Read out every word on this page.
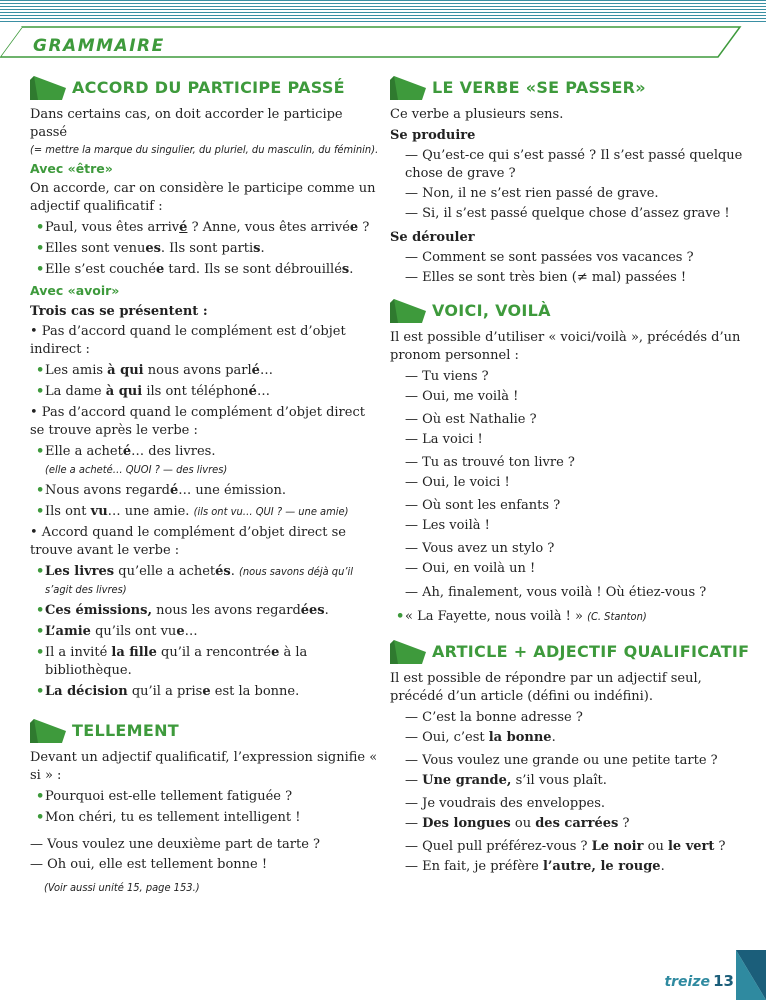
GRAMMAIRE
ACCORD DU PARTICIPE PASSÉ

Dans certains cas, on doit accorder le participe passé

(= mettre la marque du singulier, du pluriel, du masculin, du féminin).

Avec «être»

On accorde, car on considère le participe comme un adjectif qualificatif :

• Paul, vous êtes arrivé ? Anne, vous êtes arrivée ?
• Elles sont venues. Ils sont partis.
• Elle s’est couchée tard. Ils se sont débrouillés.

Avec «avoir»

Trois cas se présentent :

• Pas d’accord quand le complément est d’objet indirect :

• Les amis à qui nous avons parlé…
• La dame à qui ils ont téléphoné…

• Pas d’accord quand le complément d’objet direct se trouve après le verbe :

• Elle a acheté… des livres.
(elle a acheté… QUOI ? — des livres)
• Nous avons regardé… une émission.
• Ils ont vu… une amie. (ils ont vu… QUI ? — une amie)

• Accord quand le complément d’objet direct se trouve avant le verbe :

• Les livres qu’elle a achetés. (nous savons déjà qu’il s’agit des livres)
• Ces émissions, nous les avons regardées.
• L’amie qu’ils ont vue…
• Il a invité la fille qu’il a rencontrée à la bibliothèque.
• La décision qu’il a prise est la bonne.
TELLEMENT

Devant un adjectif qualificatif, l’expression signifie « si » :

• Pourquoi est-elle tellement fatiguée ?
• Mon chéri, tu es tellement intelligent !

— Vous voulez une deuxième part de tarte ?

— Oh oui, elle est tellement bonne !

(Voir aussi unité 15, page 153.)

LE VERBE «SE PASSER»

Ce verbe a plusieurs sens.

Se produire

— Qu’est-ce qui s’est passé ? Il s’est passé quelque chose de grave ?

— Non, il ne s’est rien passé de grave.

— Si, il s’est passé quelque chose d’assez grave !

Se dérouler

— Comment se sont passées vos vacances ?

— Elles se sont très bien (≠ mal) passées !

VOICI, VOILÀ

Il est possible d’utiliser « voici/voilà », précédés d’un pronom personnel :

— Tu viens ?

— Oui, me voilà !

— Où est Nathalie ?

— La voici !

— Tu as trouvé ton livre ?

— Oui, le voici !

— Où sont les enfants ?

— Les voilà !

— Vous avez un stylo ?

— Oui, en voilà un !

— Ah, finalement, vous voilà ! Où étiez-vous ?

• « La Fayette, nous voilà ! » (C. Stanton)
ARTICLE + ADJECTIF QUALIFICATIF

Il est possible de répondre par un adjectif seul, précédé d’un article (défini ou indéfini).

— C’est la bonne adresse ?

— Oui, c’est la bonne.

— Vous voulez une grande ou une petite tarte ?

— Une grande, s’il vous plaît.

— Je voudrais des enveloppes.

— Des longues ou des carrées ?

— Quel pull préférez-vous ? Le noir ou le vert ?

— En fait, je préfère l’autre, le rouge.

treize 13
